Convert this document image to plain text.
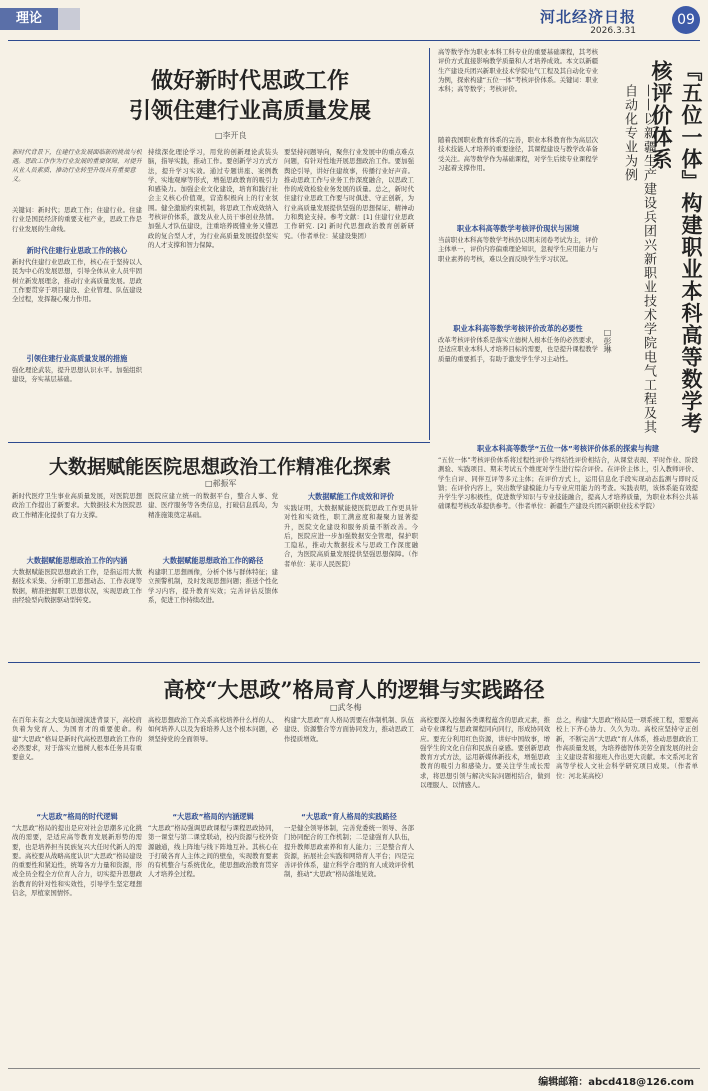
理论	河北经济日报
2026.3.31
09
做好新时代思政工作
引领住建行业高质量发展
□李开良
新时代背景下，住建行业发展面临新的挑战与机遇。思政工作作为行业发展的重要保障，对提升从业人员素质、推动行业转型升级具有重要意义。
关键词：新时代；思政工作；住建行业。住建行业是国民经济的重要支柱产业，思政工作是行业发展的生命线。
新时代住建行业思政工作的核心
新时代住建行业思政工作，核心在于坚持以人民为中心的发展思想，引导全体从业人员牢固树立新发展理念，推动行业高质量发展。思政工作要贯穿于项目建设、企业管理、队伍建设全过程，发挥凝心聚力作用。
引领住建行业高质量发展的措施
强化理论武装，提升思想认识水平。加强组织建设，夯实基层基础。
持续深化理论学习，用党的创新理论武装头脑，指导实践，推动工作。要创新学习方式方法，提升学习实效。通过专题讲座、案例教学、实地观摩等形式，增强思政教育的吸引力和感染力。加强企业文化建设，培育和践行社会主义核心价值观，营造积极向上的行业氛围。健全激励约束机制，将思政工作成效纳入考核评价体系，激发从业人员干事创业热情。加强人才队伍建设，注重培养既懂业务又懂思政的复合型人才，为行业高质量发展提供坚实的人才支撑和智力保障。
要坚持问题导向，聚焦行业发展中的重点难点问题，有针对性地开展思想政治工作。要加强舆论引导，讲好住建故事，传播行业好声音。推动思政工作与业务工作深度融合，以思政工作的成效检验业务发展的质量。总之，新时代住建行业思政工作要与时俱进、守正创新，为行业高质量发展提供坚强的思想保证、精神动力和舆论支持。参考文献：[1] 住建行业思政工作研究. [2] 新时代思想政治教育创新研究。（作者单位：某建设集团）	『五位一体』构建职业本科高等数学考核评价体系
——以新疆生产建设兵团兴新职业技术学院电气工程及其自动化专业为例
□彭琳
高等数学作为职业本科工科专业的重要基础课程，其考核评价方式直接影响教学质量和人才培养成效。本文以新疆生产建设兵团兴新职业技术学院电气工程及其自动化专业为例，探索构建“五位一体”考核评价体系。关键词：职业本科；高等数学；考核评价。
随着我国职业教育体系的完善，职业本科教育作为高层次技术技能人才培养的重要途径，其课程建设与教学改革备受关注。高等数学作为基础课程，对学生后续专业课程学习起着支撑作用。
职业本科高等数学考核评价现状与困境
当前职业本科高等数学考核仍以期末闭卷考试为主，评价主体单一，评价内容偏重理论知识，忽视学生应用能力与职业素养的考核，难以全面反映学生学习状况。
职业本科高等数学考核评价改革的必要性
改革考核评价体系是落实立德树人根本任务的必然要求，是适应职业本科人才培养目标的需要，也是提升课程教学质量的重要抓手，有助于激发学生学习主动性。
职业本科高等数学“五位一体”考核评价体系的探索与构建
“五位一体”考核评价体系将过程性评价与终结性评价相结合，从课堂表现、平时作业、阶段测验、实践项目、期末考试五个维度对学生进行综合评价。在评价主体上，引入教师评价、学生自评、同伴互评等多元主体；在评价方式上，运用信息化手段实现动态监测与即时反馈；在评价内容上，突出数学建模能力与专业应用能力的考查。实践表明，该体系能有效提升学生学习积极性，促进数学知识与专业技能融合，提高人才培养质量，为职业本科公共基础课程考核改革提供参考。（作者单位：新疆生产建设兵团兴新职业技术学院）
大数据赋能医院思想政治工作精准化探索
□郝振军
新时代医疗卫生事业高质量发展，对医院思想政治工作提出了新要求。大数据技术为医院思政工作精准化提供了有力支撑。
大数据赋能思想政治工作的内涵
大数据赋能医院思想政治工作，是指运用大数据技术采集、分析职工思想动态、工作表现等数据，精准把握职工思想状况，实现思政工作由经验型向数据驱动型转变。
大数据赋能思想政治工作的路径
医院应建立统一的数据平台，整合人事、党建、医疗服务等各类信息，打破信息孤岛，为精准施策奠定基础。
构建职工思想画像，分析个体与群体特征；建立预警机制，及时发现思想问题；推送个性化学习内容，提升教育实效；完善评估反馈体系，促进工作持续改进。
大数据赋能工作成效和评价
实践证明，大数据赋能使医院思政工作更具针对性和实效性，职工满意度和凝聚力显著提升，医院文化建设和服务质量不断改善。今后，医院应进一步加强数据安全管理，保护职工隐私，推动大数据技术与思政工作深度融合，为医院高质量发展提供坚强思想保障。（作者单位：某市人民医院）
高校“大思政”格局育人的逻辑与实践路径
□武冬梅
在百年未有之大变局加速演进背景下，高校肩负着为党育人、为国育才的重要使命。构建“大思政”格局是新时代高校思想政治工作的必然要求，对于落实立德树人根本任务具有重要意义。
“大思政”格局的时代逻辑
“大思政”格局的提出是应对社会思潮多元化挑战的需要，是适应高等教育发展新形势的需要，也是培养担当民族复兴大任时代新人的需要。高校要从战略高度认识“大思政”格局建设的重要性和紧迫性，统筹各方力量和资源，形成全员全程全方位育人合力，切实提升思想政治教育的针对性和实效性，引导学生坚定理想信念，厚植家国情怀。
“大思政”格局的内涵逻辑
高校思想政治工作关系高校培养什么样的人、如何培养人以及为谁培养人这个根本问题，必须坚持党的全面领导。
“大思政”格局强调思政课程与课程思政协同，第一课堂与第二课堂联动，校内资源与校外资源融通，线上阵地与线下阵地互补。其核心在于打破各育人主体之间的壁垒，实现教育要素的有机整合与系统优化，使思想政治教育贯穿人才培养全过程。
“大思政”育人格局的实践路径
构建“大思政”育人格局需要在体制机制、队伍建设、资源整合等方面协同发力，推动思政工作提质增效。
一是健全领导体制，完善党委统一领导、各部门协同配合的工作机制；二是建强育人队伍，提升教师思政素养和育人能力；三是整合育人资源，拓展社会实践和网络育人平台；四是完善评价体系，建立科学合理的育人成效评价机制，推动“大思政”格局落地见效。
高校要深入挖掘各类课程蕴含的思政元素，推动专业课程与思政课程同向同行，形成协同效应。要充分利用红色资源，讲好中国故事，增强学生的文化自信和民族自豪感。要创新思政教育方式方法，运用新媒体新技术，增强思政教育的吸引力和感染力。要关注学生成长需求，将思想引领与解决实际问题相结合，做到以理服人、以情感人。
总之，构建“大思政”格局是一项系统工程，需要高校上下齐心协力、久久为功。高校应坚持守正创新，不断完善“大思政”育人体系，推动思想政治工作高质量发展，为培养德智体美劳全面发展的社会主义建设者和接班人作出更大贡献。本文系河北省高等学校人文社会科学研究项目成果。（作者单位：河北某高校）
编辑邮箱：abcd418@126.com
